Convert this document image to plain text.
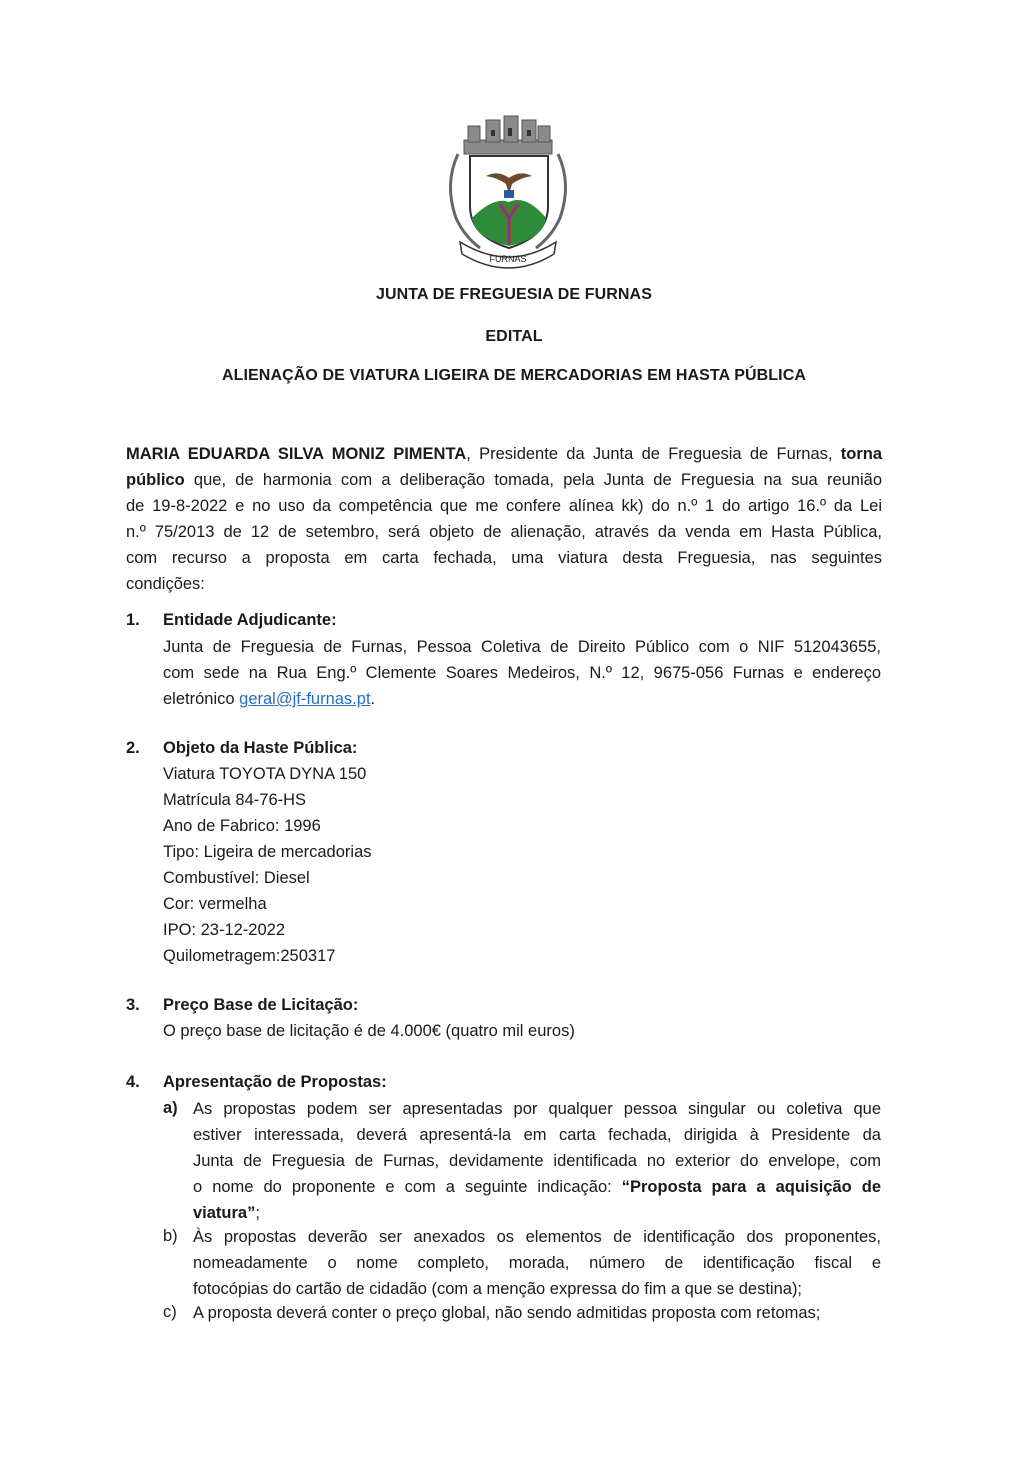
FURNAS
JUNTA DE FREGUESIA DE FURNAS
EDITAL
ALIENAÇÃO DE VIATURA LIGEIRA DE MERCADORIAS EM HASTA PÚBLICA
MARIA EDUARDA SILVA MONIZ PIMENTA, Presidente da Junta de Freguesia de Furnas, torna
público que, de harmonia com a deliberação tomada, pela Junta de Freguesia na sua reunião
de 19-8-2022 e no uso da competência que me confere alínea kk) do n.º 1 do artigo 16.º da Lei
n.º 75/2013 de 12 de setembro, será objeto de alienação, através da venda em Hasta Pública,
com recurso a proposta em carta fechada, uma viatura desta Freguesia, nas seguintes
condições:
1. Entidade Adjudicante:
Junta de Freguesia de Furnas, Pessoa Coletiva de Direito Público com o NIF 512043655,
com sede na Rua Eng.º Clemente Soares Medeiros, N.º 12, 9675-056 Furnas e endereço
eletrónico geral@jf-furnas.pt.
2. Objeto da Haste Pública:
Viatura TOYOTA DYNA 150
Matrícula 84-76-HS
Ano de Fabrico: 1996
Tipo: Ligeira de mercadorias
Combustível: Diesel
Cor: vermelha
IPO: 23-12-2022
Quilometragem:250317
3. Preço Base de Licitação:
O preço base de licitação é de 4.000€ (quatro mil euros)
4. Apresentação de Propostas:
a) As propostas podem ser apresentadas por qualquer pessoa singular ou coletiva que
estiver interessada, deverá apresentá-la em carta fechada, dirigida à Presidente da
Junta de Freguesia de Furnas, devidamente identificada no exterior do envelope, com
o nome do proponente e com a seguinte indicação: “Proposta para a aquisição de
viatura”;
b) Às propostas deverão ser anexados os elementos de identificação dos proponentes,
nomeadamente o nome completo, morada, número de identificação fiscal e
fotocópias do cartão de cidadão (com a menção expressa do fim a que se destina);
c) A proposta deverá conter o preço global, não sendo admitidas proposta com retomas;
